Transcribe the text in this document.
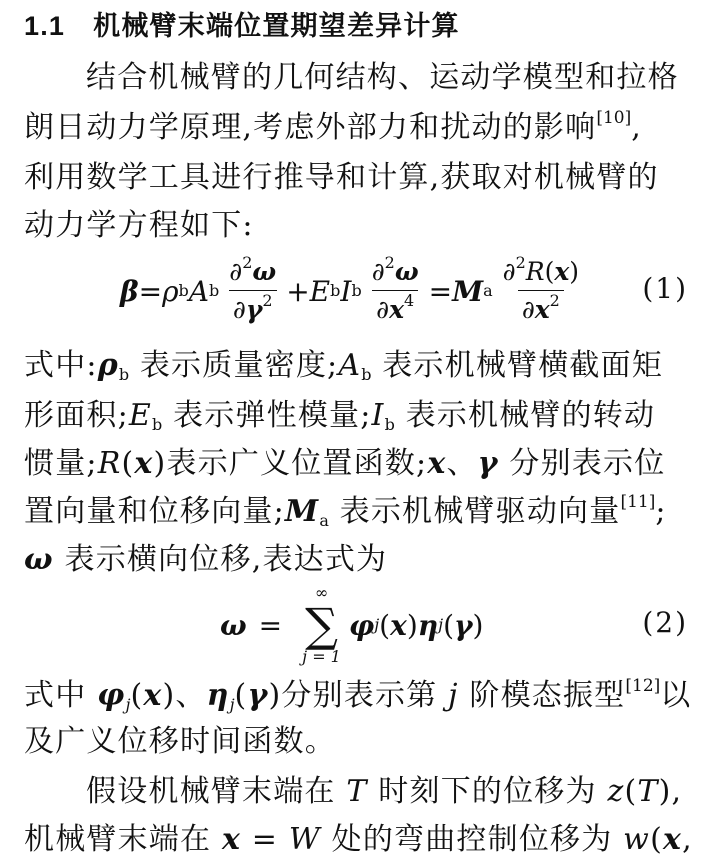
1.1 机械臂末端位置期望差异计算
结合机械臂的几何结构、运动学模型和拉格
朗日动力学原理,考虑外部力和扰动的影响[10],
利用数学工具进行推导和计算,获取对机械臂的
动力学方程如下:
β = ρ b A b $\frac{\partial^2\omega}{\partial\gamma^2} + E$ b I b $\frac{\partial^2\omega}{\partial x^4} = M$ a $\frac{\partial^2R(x)}{\partial x^2} (1)$
式中$:\rho_b$ 表示质量密度$;A_b$ 表示机械臂横截面矩
形面积$;E_b$ 表示弹性模量$;I_b$ 表示机械臂的转动
惯量;R(x)表示广义位置函数;x、γ 分别表示位
置向量和位移向量$;M_a$ 表示机械臂驱动向量[11];
ω 表示横向位移,表达式为
ω =
∞
∑
j = 1
φ j ( x ) η j ( γ )	(2)
式中 $\varphi_j(x)$、$\eta_j(\gamma)$分别表示第 j 阶模态振型[12]以
及广义位移时间函数。
假设机械臂末端在 T 时刻下的位移为 z(T),
机械臂末端在 x = W 处的弯曲控制位移为 w(x,
